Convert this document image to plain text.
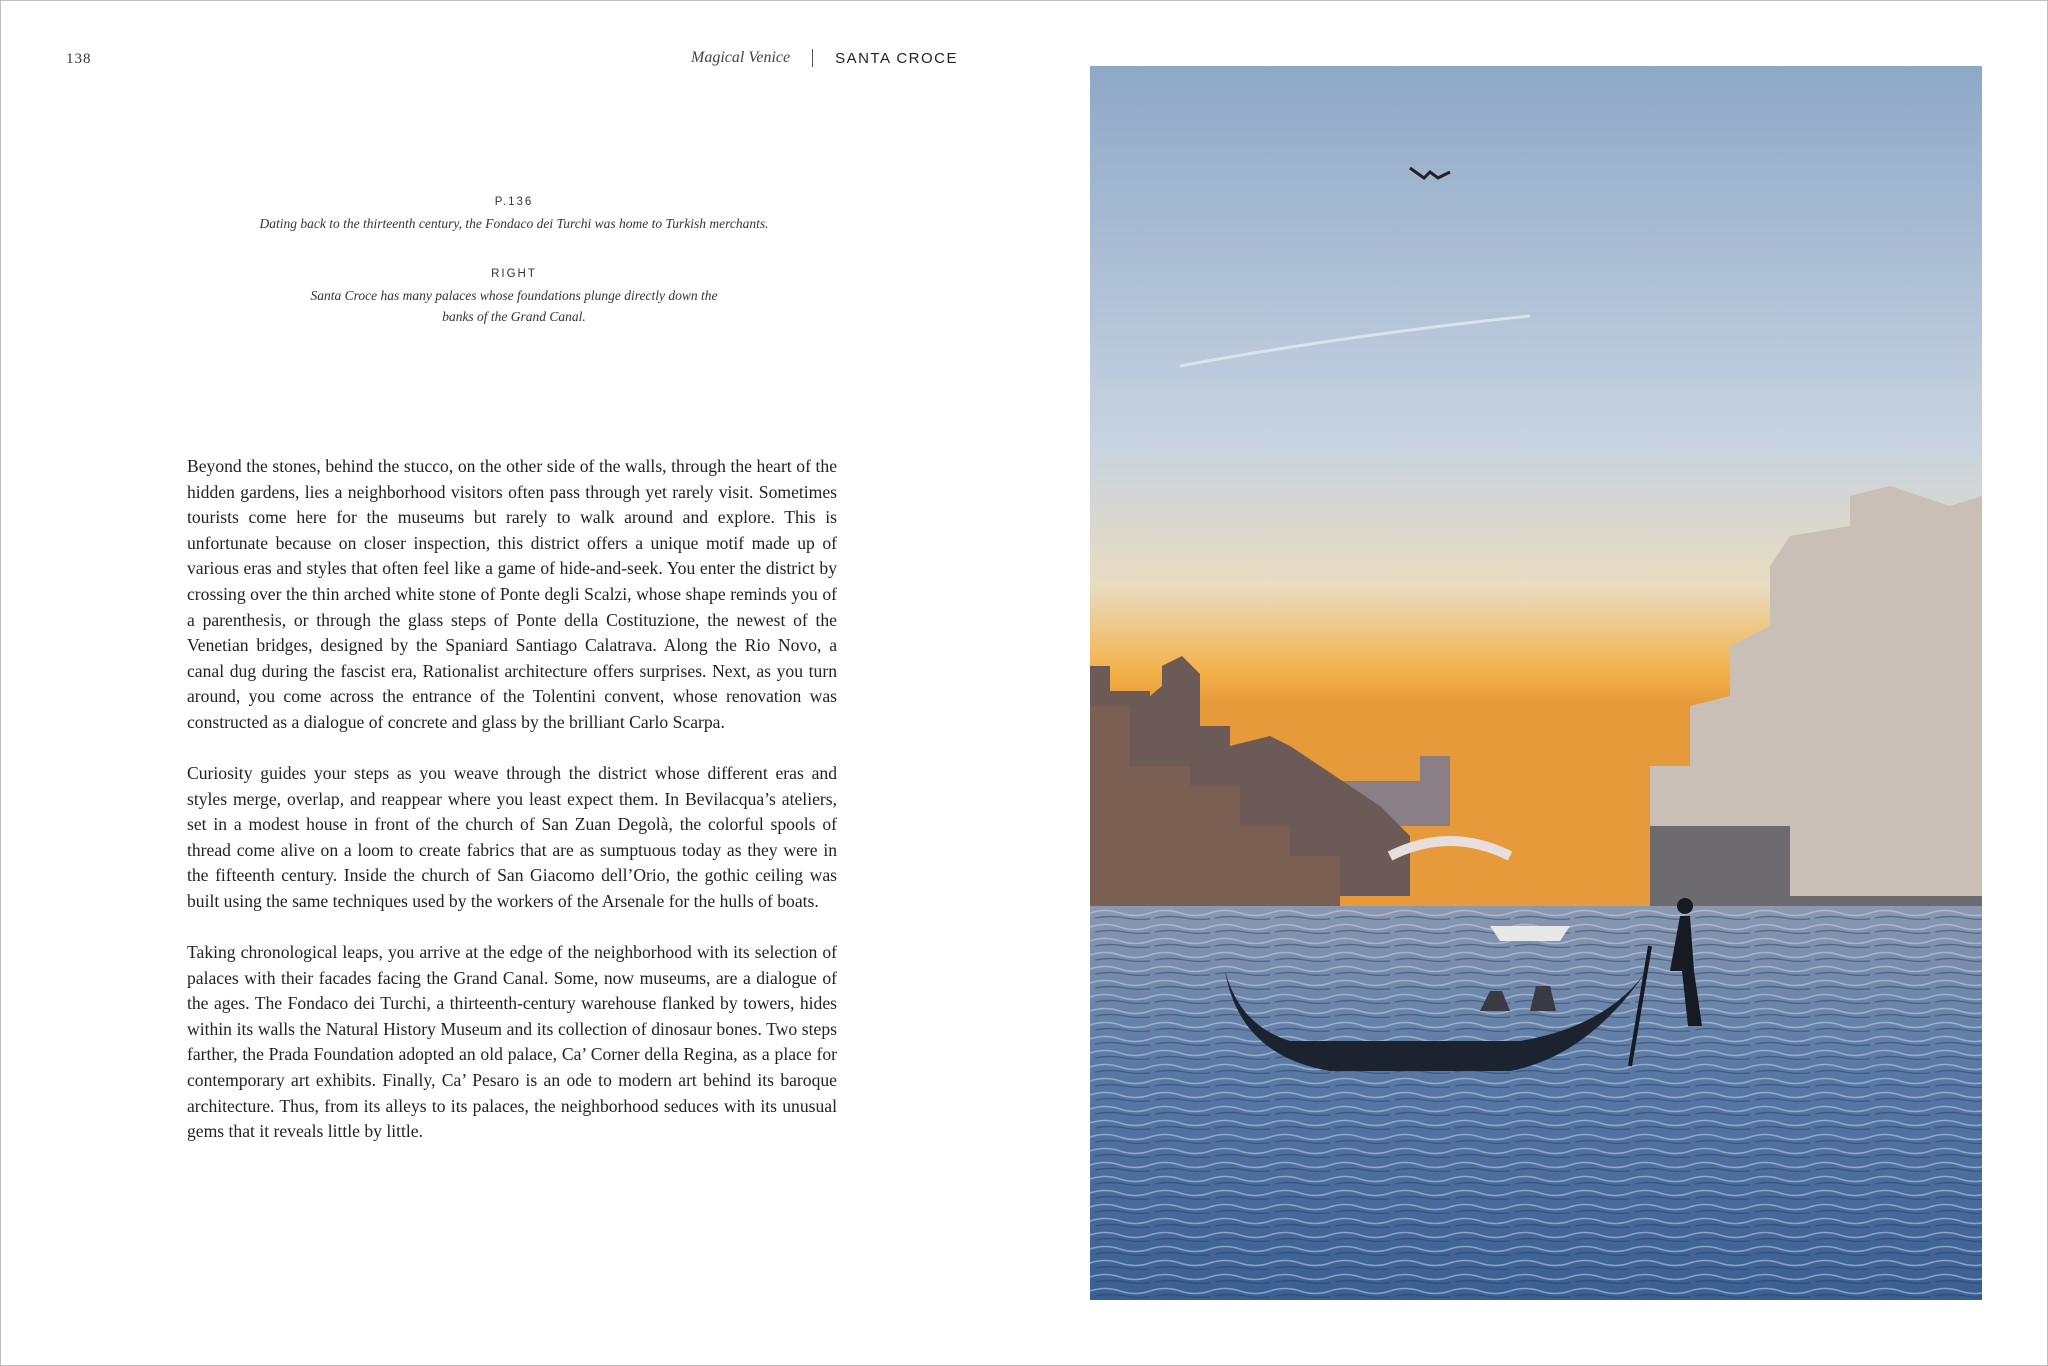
138	Magical Venice	SANTA CROCE

P.136

Dating back to the thirteenth century, the Fondaco dei Turchi was home to Turkish merchants.

RIGHT

Santa Croce has many palaces whose foundations plunge directly down the banks of the Grand Canal.

Beyond the stones, behind the stucco, on the other side of the walls, through the heart of the hidden gardens, lies a neighborhood visitors often pass through yet rarely visit. Sometimes tourists come here for the museums but rarely to walk around and explore. This is unfortunate because on closer inspection, this district offers a unique motif made up of various eras and styles that often feel like a game of hide-and-seek. You enter the district by crossing over the thin arched white stone of Ponte degli Scalzi, whose shape reminds you of a parenthesis, or through the glass steps of Ponte della Costituzione, the newest of the Venetian bridges, designed by the Spaniard Santiago Calatrava. Along the Rio Novo, a canal dug during the fascist era, Rationalist architecture offers surprises. Next, as you turn around, you come across the entrance of the Tolentini convent, whose renovation was constructed as a dialogue of concrete and glass by the brilliant Carlo Scarpa.

Curiosity guides your steps as you weave through the district whose different eras and styles merge, overlap, and reappear where you least expect them. In Bevilacqua’s ateliers, set in a modest house in front of the church of San Zuan Degolà, the colorful spools of thread come alive on a loom to create fabrics that are as sumptuous today as they were in the fifteenth century. Inside the church of San Giacomo dell’Orio, the gothic ceiling was built using the same techniques used by the workers of the Arsenale for the hulls of boats.

Taking chronological leaps, you arrive at the edge of the neighborhood with its selection of palaces with their facades facing the Grand Canal. Some, now museums, are a dialogue of the ages. The Fondaco dei Turchi, a thirteenth-century warehouse flanked by towers, hides within its walls the Natural History Museum and its collection of dinosaur bones. Two steps farther, the Prada Foundation adopted an old palace, Ca’ Corner della Regina, as a place for contemporary art exhibits. Finally, Ca’ Pesaro is an ode to modern art behind its baroque architecture. Thus, from its alleys to its palaces, the neighborhood seduces with its unusual gems that it reveals little by little.
